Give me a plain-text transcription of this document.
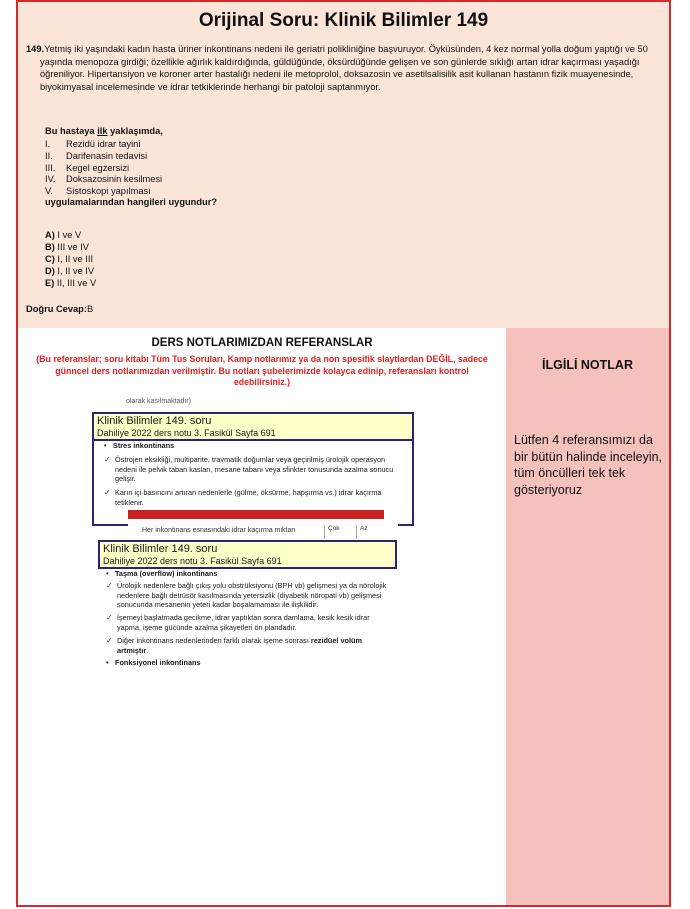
Orijinal Soru: Klinik Bilimler 149
149.Yetmiş iki yaşındaki kadın hasta üriner inkontinans nedeni ile geriatri polikliniğine başvuruyor. Öyküsünden, 4 kez normal yolla doğum yaptığı ve 50 yaşında menopoza girdiği; özellikle ağırlık kaldırdığında, güldüğünde, öksürdüğünde gelişen ve son günlerde sıklığı artan idrar kaçırması yaşadığı öğreniliyor. Hipertansiyon ve koroner arter hastalığı nedeni ile metoprolol, doksazosin ve asetilsalisilik asit kullanan hastanın fizik muayenesinde, biyokimyasal incelemesinde ve idrar tetkiklerinde herhangi bir patoloji saptanmıyor.
Bu hastaya ilk yaklaşımda,
I.	Rezidü idrar tayini
II.	Darifenasin tedavisi
III.	Kegel egzersizi
IV.	Doksazosinin kesilmesi
V.	Sistoskopi yapılması
uygulamalarından hangileri uygundur?
A) I ve V
B) III ve IV
C) I, II ve III
D) I, II ve IV
E) II, III ve V
Doğru Cevap:B
DERS NOTLARIMIZDAN REFERANSLAR
(Bu referanslar; soru kitabı Tüm Tus Soruları, Kamp notlarımız ya da non spesifik slaytlardan DEĞİL, sadece günncel ders notlarımızdan verilmiştir. Bu notları şubelerimizde kolayca edinip, referansları kontrol edebilirsiniz.)
olarak kasılmaktadır)
• Stres inkontinans
✓ Östrojen eksikliği, multiparite, travmatik doğumlar veya geçirilmiş ürolojik operasyon nedeni ile pelvik taban kasları, mesane tabanı veya sfinkter tonusunda azalma sonucu gelişir.
✓ Karın içi basıncını artıran nedenlerle (gülme, öksürme, hapşırma vs.) idrar kaçırma tetiklenir.
Her inkontinans esnasındaki idrar kaçırma miktarı	Çok	Az
Klinik Bilimler 149. soru
Dahiliye 2022 ders notu 3. Fasikül Sayfa 691
Klinik Bilimler 149. soru
Dahiliye 2022 ders notu 3. Fasikül Sayfa 691
• Taşma (overflow) inkontinans
✓ Ürolojik nedenlere bağlı çıkış yolu obstrüksiyonu (BPH vb) gelişmesi ya da nörolojik nedenlere bağlı detrüsör kasılmasında yetersizlik (diyabetik nöropati vb) gelişmesi sonucunda mesanenin yeteri kadar boşalamaması ile ilişkilidir.
✓ İşemeyi başlatmada gecikme, idrar yaptıktan sonra damlama, kesik kesik idrar yapma, işeme gücünde azalma şikayetleri ön plandadır.
✓ Diğer inkontinans nedenlerinden farklı olarak işeme sonrası rezidüel volüm artmıştır.
• Fonksiyonel inkontinans
İLGİLİ NOTLAR
Lütfen 4 referansımızı da bir bütün halinde inceleyin, tüm öncülleri tek tek gösteriyoruz
